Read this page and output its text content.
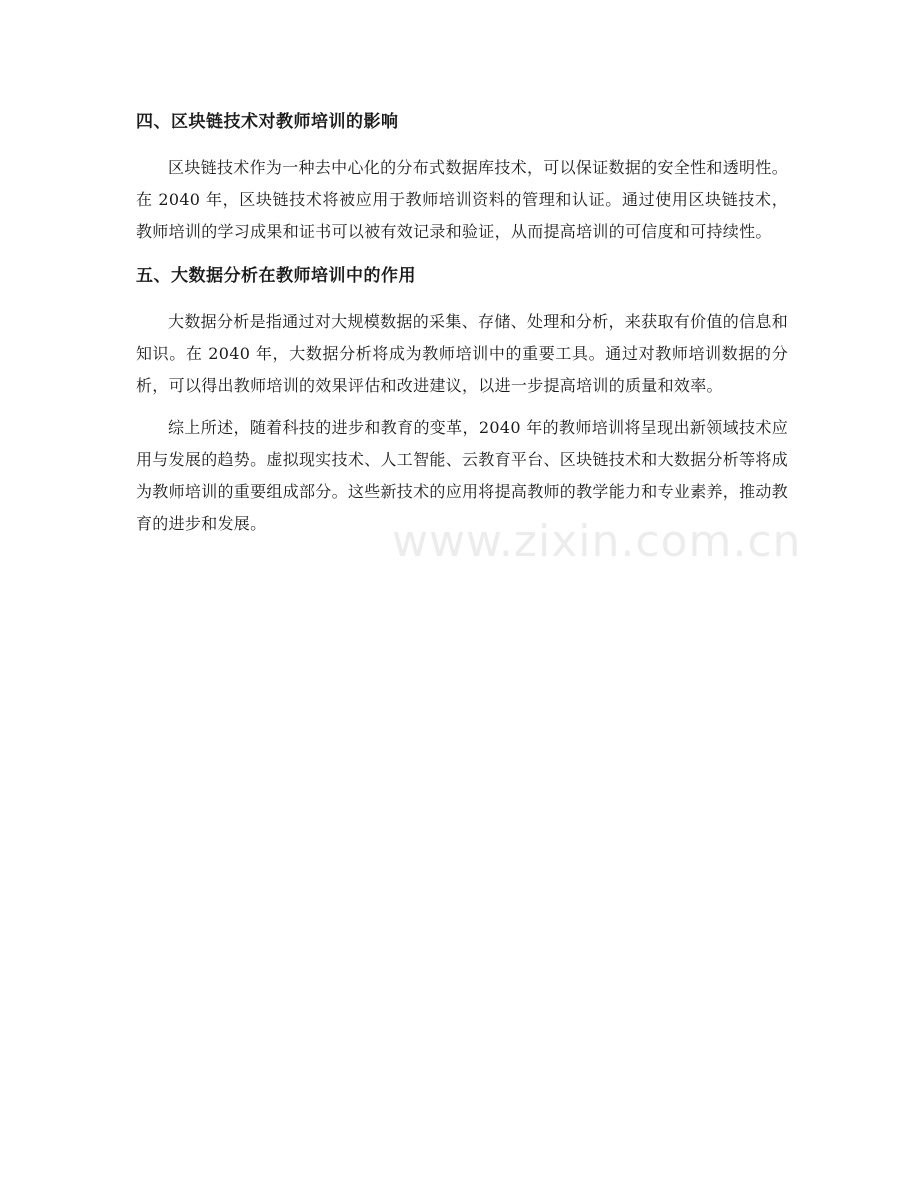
四、区块链技术对教师培训的影响

区块链技术作为一种去中心化的分布式数据库技术，可以保证数据的安全性和透明性。在 2040 年，区块链技术将被应用于教师培训资料的管理和认证。通过使用区块链技术，教师培训的学习成果和证书可以被有效记录和验证，从而提高培训的可信度和可持续性。

五、大数据分析在教师培训中的作用

大数据分析是指通过对大规模数据的采集、存储、处理和分析，来获取有价值的信息和知识。在 2040 年，大数据分析将成为教师培训中的重要工具。通过对教师培训数据的分析，可以得出教师培训的效果评估和改进建议，以进一步提高培训的质量和效率。

综上所述，随着科技的进步和教育的变革，2040 年的教师培训将呈现出新领域技术应用与发展的趋势。虚拟现实技术、人工智能、云教育平台、区块链技术和大数据分析等将成为教师培训的重要组成部分。这些新技术的应用将提高教师的教学能力和专业素养，推动教育的进步和发展。	www.zixin.com.cn
